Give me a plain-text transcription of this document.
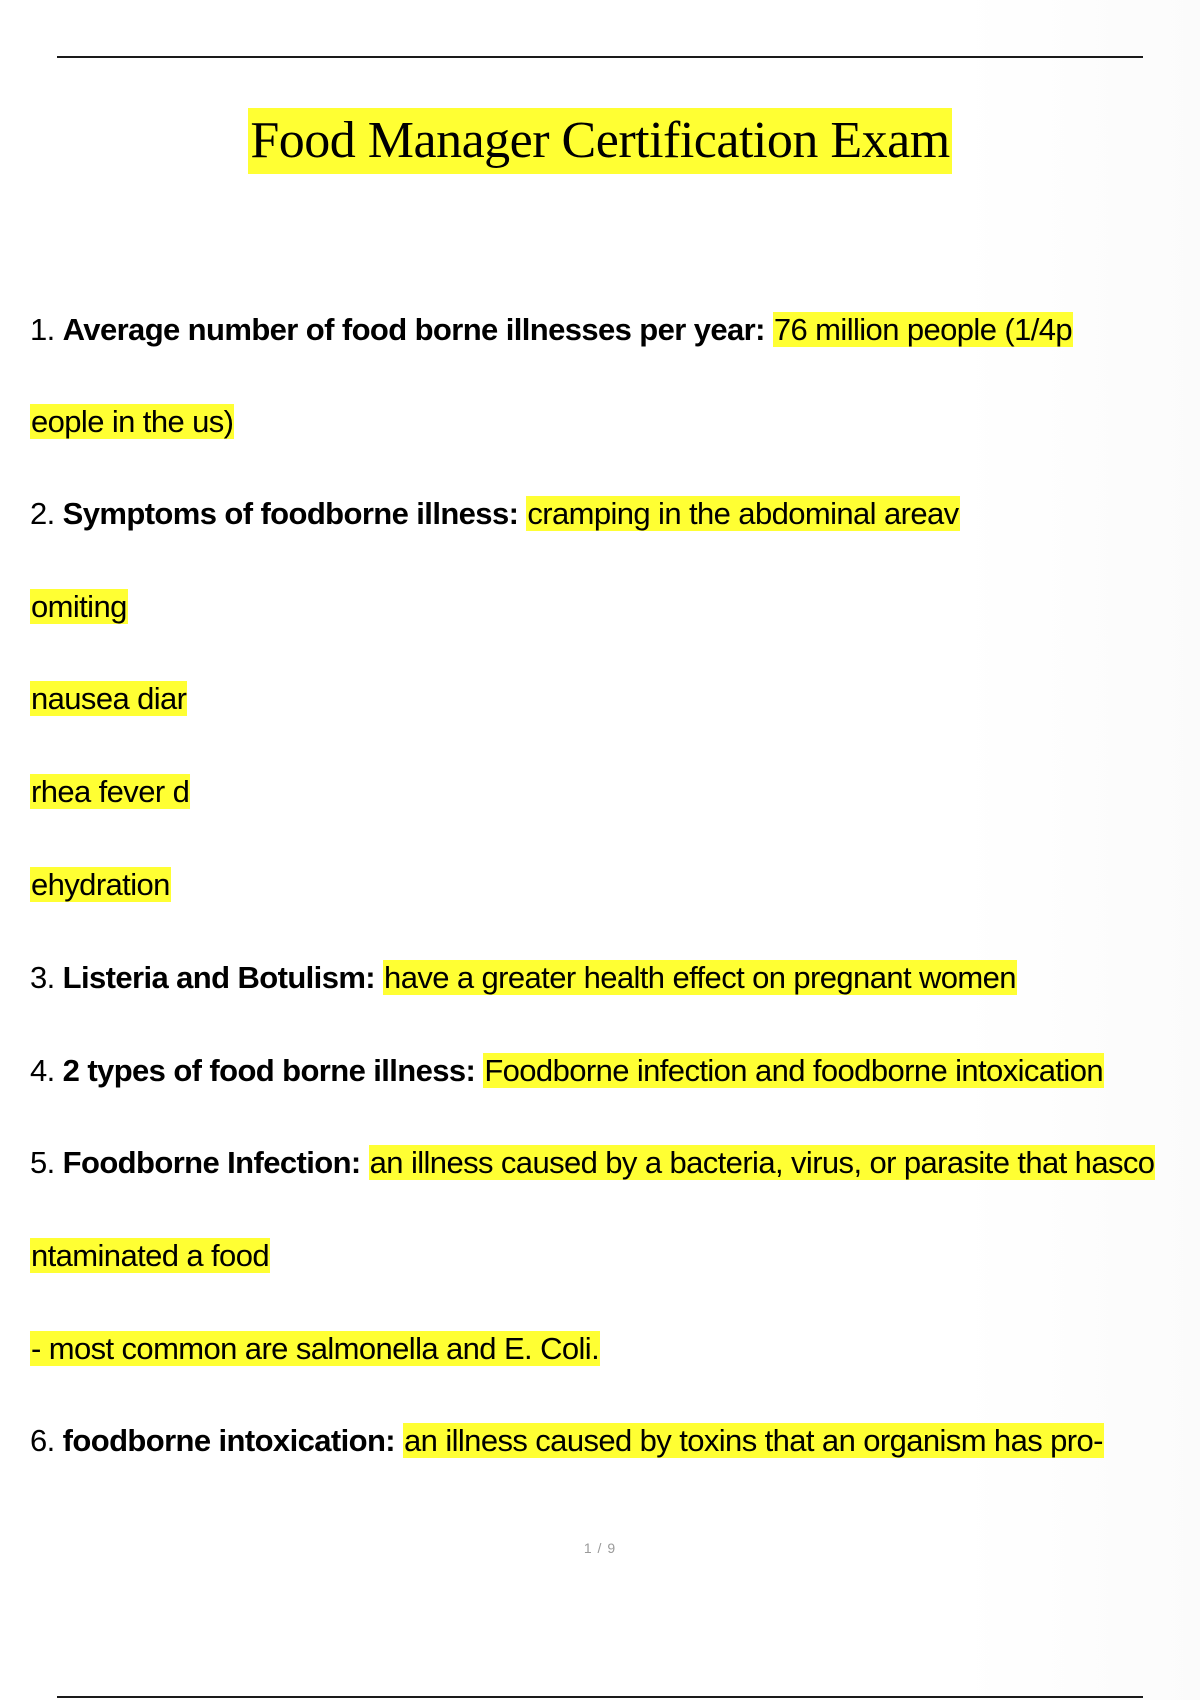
Food Manager Certification Exam
1. Average number of food borne illnesses per year: 76 million people (1/4p
eople in the us)
2. Symptoms of foodborne illness: cramping in the abdominal areav
omiting
nausea diar
rhea fever d
ehydration
3. Listeria and Botulism: have a greater health effect on pregnant women
4. 2 types of food borne illness: Foodborne infection and foodborne intoxication
5. Foodborne Infection: an illness caused by a bacteria, virus, or parasite that hasco
ntaminated a food
- most common are salmonella and E. Coli.
6. foodborne intoxication: an illness caused by toxins that an organism has pro-
1 / 9
